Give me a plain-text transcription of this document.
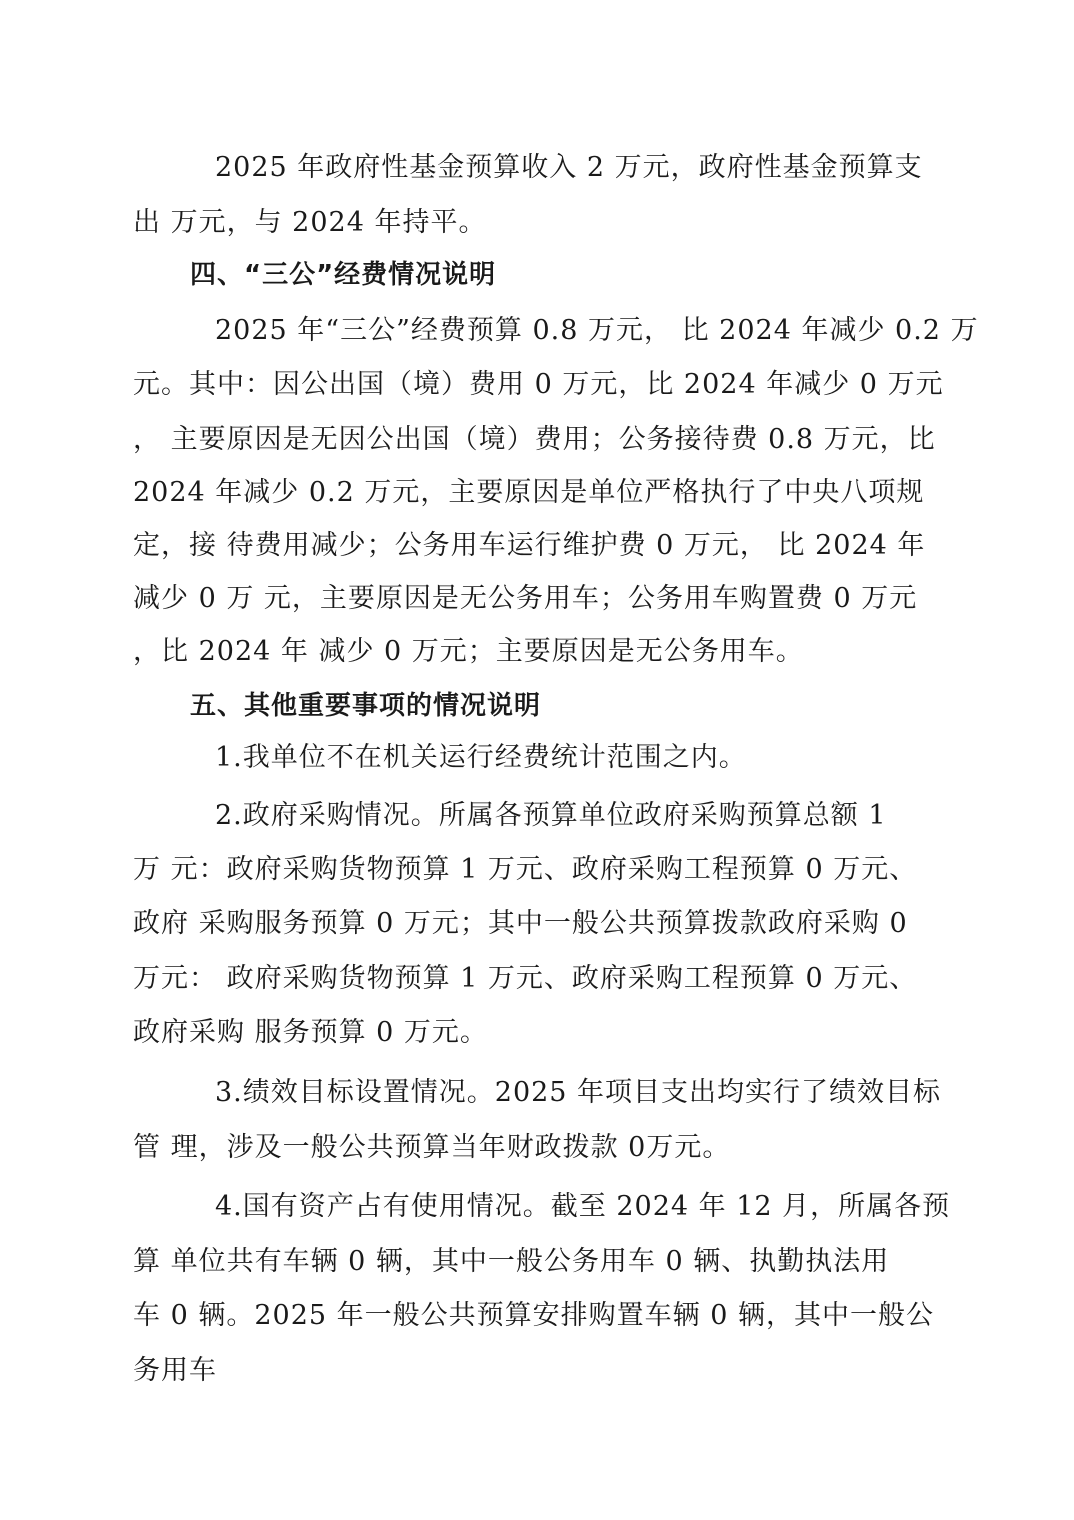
　2025 年政府性基金预算收入 2 万元，政府性基金预算支
出 万元，与 2024 年持平。
四、“三公”经费情况说明
　2025 年“三公”经费预算 0.8 万元， 比 2024 年减少 0.2 万
元。其中：因公出国（境）费用 0 万元，比 2024 年减少 0 万元
， 主要原因是无因公出国（境）费用；公务接待费 0.8 万元，比
2024 年减少 0.2 万元，主要原因是单位严格执行了中央八项规
定，接 待费用减少；公务用车运行维护费 0 万元， 比 2024 年
减少 0 万 元，主要原因是无公务用车；公务用车购置费 0 万元
，比 2024 年 减少 0 万元；主要原因是无公务用车。
五、其他重要事项的情况说明
　1.我单位不在机关运行经费统计范围之内。
　2.政府采购情况。所属各预算单位政府采购预算总额 1
万 元：政府采购货物预算 1 万元、政府采购工程预算 0 万元、
政府 采购服务预算 0 万元；其中一般公共预算拨款政府采购 0
万元： 政府采购货物预算 1 万元、政府采购工程预算 0 万元、
政府采购 服务预算 0 万元。
　3.绩效目标设置情况。2025 年项目支出均实行了绩效目标
管 理，涉及一般公共预算当年财政拨款 0万元。
　4.国有资产占有使用情况。截至 2024 年 12 月，所属各预
算 单位共有车辆 0 辆，其中一般公务用车 0 辆、执勤执法用
车 0 辆。2025 年一般公共预算安排购置车辆 0 辆，其中一般公
务用车
